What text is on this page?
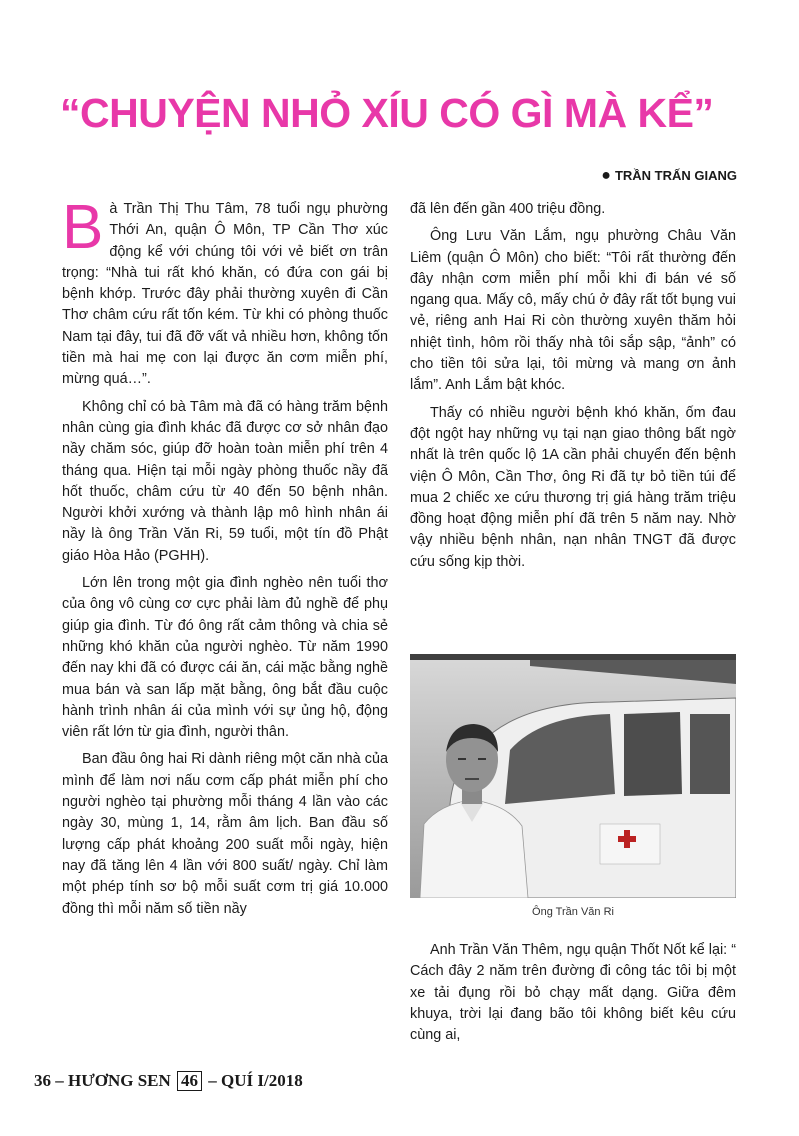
“CHUYỆN NHỎ XÍU CÓ GÌ MÀ KỂ”
● TRẦN TRẤN GIANG

Bà Trần Thị Thu Tâm, 78 tuổi ngụ phường Thới An, quận Ô Môn, TP Cần Thơ xúc động kể với chúng tôi với vẻ biết ơn trân trọng: “Nhà tui rất khó khăn, có đứa con gái bị bệnh khớp. Trước đây phải thường xuyên đi Cần Thơ châm cứu rất tốn kém. Từ khi có phòng thuốc Nam tại đây, tui đã đỡ vất vả nhiều hơn, không tốn tiền mà hai mẹ con lại được ăn cơm miễn phí, mừng quá…”.

Không chỉ có bà Tâm mà đã có hàng trăm bệnh nhân cùng gia đình khác đã được cơ sở nhân đạo nầy chăm sóc, giúp đỡ hoàn toàn miễn phí trên 4 tháng qua. Hiện tại mỗi ngày phòng thuốc nầy đã hốt thuốc, châm cứu từ 40 đến 50 bệnh nhân. Người khởi xướng và thành lập mô hình nhân ái nầy là ông Trần Văn Ri, 59 tuổi, một tín đồ Phật giáo Hòa Hảo (PGHH).

Lớn lên trong một gia đình nghèo nên tuổi thơ của ông vô cùng cơ cực phải làm đủ nghề để phụ giúp gia đình. Từ đó ông rất cảm thông và chia sẻ những khó khăn của người nghèo. Từ năm 1990 đến nay khi đã có được cái ăn, cái mặc bằng nghề mua bán và san lấp mặt bằng, ông bắt đầu cuộc hành trình nhân ái của mình với sự ủng hộ, động viên rất lớn từ gia đình, người thân.

Ban đầu ông hai Ri dành riêng một căn nhà của mình để làm nơi nấu cơm cấp phát miễn phí cho người nghèo tại phường mỗi tháng 4 lần vào các ngày 30, mùng 1, 14, rằm âm lịch. Ban đầu số lượng cấp phát khoảng 200 suất mỗi ngày, hiện nay đã tăng lên 4 lần với 800 suất/ ngày. Chỉ làm một phép tính sơ bộ mỗi suất cơm trị giá 10.000 đồng thì mỗi năm số tiền nầy

đã lên đến gần 400 triệu đồng.

Ông Lưu Văn Lắm, ngụ phường Châu Văn Liêm (quận Ô Môn) cho biết: “Tôi rất thường đến đây nhận cơm miễn phí mỗi khi đi bán vé số ngang qua. Mấy cô, mấy chú ở đây rất tốt bụng vui vẻ, riêng anh Hai Ri còn thường xuyên thăm hỏi nhiệt tình, hôm rồi thấy nhà tôi sắp sập, “ảnh” có cho tiền tôi sửa lại, tôi mừng và mang ơn ảnh lắm”. Anh Lắm bật khóc.

Thấy có nhiều người bệnh khó khăn, ốm đau đột ngột hay những vụ tại nạn giao thông bất ngờ nhất là trên quốc lộ 1A cần phải chuyển đến bệnh viện Ô Môn, Cần Thơ, ông Ri đã tự bỏ tiền túi để mua 2 chiếc xe cứu thương trị giá hàng trăm triệu đồng hoạt động miễn phí đã trên 5 năm nay. Nhờ vậy nhiều bệnh nhân, nạn nhân TNGT đã được cứu sống kịp thời.

Ông Trần Văn Ri

Anh Trần Văn Thêm, ngụ quận Thốt Nốt kể lại: “ Cách đây 2 năm trên đường đi công tác tôi bị một xe tải đụng rồi bỏ chạy mất dạng. Giữa đêm khuya, trời lại đang bão tôi không biết kêu cứu cùng ai,

36 – HƯƠNG SEN 46 – QUÍ I/2018
